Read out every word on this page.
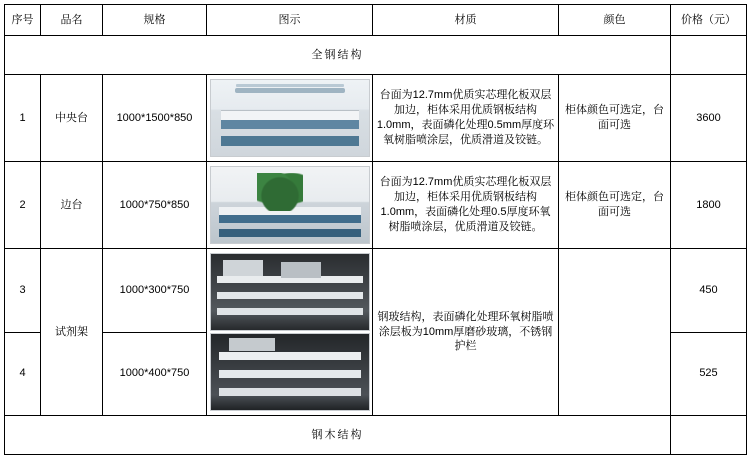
序号	品名	规格	图示	材质	颜色	价格（元）
全钢结构						
1	中央台	1000*1500*850		台面为12.7mm优质实芯理化板双层加边，柜体采用优质钢板结构1.0mm，表面磷化处理0.5mm厚度环氧树脂喷涂层，优质滑道及铰链。	柜体颜色可选定，台面可选	3600
2	边台	1000*750*850		台面为12.7mm优质实芯理化板双层加边，柜体采用优质钢板结构1.0mm，表面磷化处理0.5厚度环氧树脂喷涂层，优质滑道及铰链。	柜体颜色可选定，台面可选	1800
3	试剂架	1000*300*750		钢玻结构，表面磷化处理环氧树脂喷涂层板为10mm厚磨砂玻璃，不锈钢护栏		450
4		1000*400*750				525
钢木结构						
